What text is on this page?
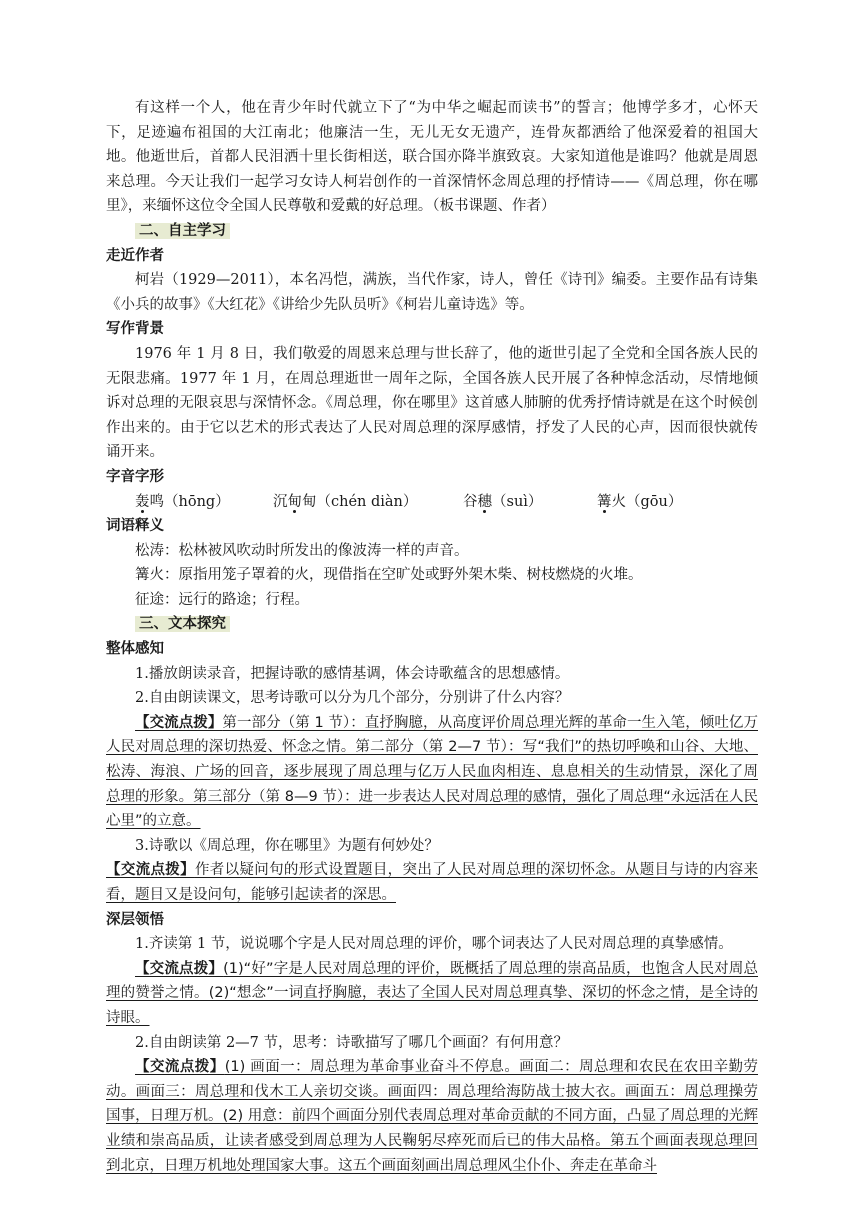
有这样一个人，他在青少年时代就立下了“为中华之崛起而读书”的誓言；他博学多才，心怀天下，足迹遍布祖国的大江南北；他廉洁一生，无儿无女无遗产，连骨灰都洒给了他深爱着的祖国大地。他逝世后，首都人民泪洒十里长街相送，联合国亦降半旗致哀。大家知道他是谁吗？他就是周恩来总理。今天让我们一起学习女诗人柯岩创作的一首深情怀念周总理的抒情诗——《周总理，你在哪里》，来缅怀这位令全国人民尊敬和爱戴的好总理。（板书课题、作者）

二、自主学习

走近作者

柯岩（1929—2011），本名冯恺，满族，当代作家，诗人，曾任《诗刊》编委。主要作品有诗集《小兵的故事》《大红花》《讲给少先队员听》《柯岩儿童诗选》等。

写作背景

1976 年 1 月 8 日，我们敬爱的周恩来总理与世长辞了，他的逝世引起了全党和全国各族人民的无限悲痛。1977 年 1 月，在周总理逝世一周年之际，全国各族人民开展了各种悼念活动，尽情地倾诉对总理的无限哀思与深情怀念。《周总理，你在哪里》这首感人肺腑的优秀抒情诗就是在这个时候创作出来的。由于它以艺术的形式表达了人民对周总理的深厚感情，抒发了人民的心声，因而很快就传诵开来。

字音字形

轰鸣（hōng）	沉甸甸（chén diàn）	谷穗（suì）	篝火（gōu）

词语释义

松涛：松林被风吹动时所发出的像波涛一样的声音。

篝火：原指用笼子罩着的火，现借指在空旷处或野外架木柴、树枝燃烧的火堆。

征途：远行的路途；行程。

三、文本探究

整体感知

1.播放朗读录音，把握诗歌的感情基调，体会诗歌蕴含的思想感情。

2.自由朗读课文，思考诗歌可以分为几个部分，分别讲了什么内容？

【交流点拨】第一部分（第 1 节）：直抒胸臆，从高度评价周总理光辉的革命一生入笔，倾吐亿万人民对周总理的深切热爱、怀念之情。第二部分（第 2—7 节）：写“我们”的热切呼唤和山谷、大地、松涛、海浪、广场的回音，逐步展现了周总理与亿万人民血肉相连、息息相关的生动情景，深化了周总理的形象。第三部分（第 8—9 节）：进一步表达人民对周总理的感情，强化了周总理“永远活在人民心里”的立意。

3.诗歌以《周总理，你在哪里》为题有何妙处？

【交流点拨】作者以疑问句的形式设置题目，突出了人民对周总理的深切怀念。从题目与诗的内容来看，题目又是设问句，能够引起读者的深思。

深层领悟

1.齐读第 1 节，说说哪个字是人民对周总理的评价，哪个词表达了人民对周总理的真挚感情。

【交流点拨】(1)“好”字是人民对周总理的评价，既概括了周总理的崇高品质，也饱含人民对周总理的赞誉之情。(2)“想念”一词直抒胸臆，表达了全国人民对周总理真挚、深切的怀念之情，是全诗的诗眼。

2.自由朗读第 2—7 节，思考：诗歌描写了哪几个画面？有何用意？

【交流点拨】(1) 画面一：周总理为革命事业奋斗不停息。画面二：周总理和农民在农田辛勤劳动。画面三：周总理和伐木工人亲切交谈。画面四：周总理给海防战士披大衣。画面五：周总理操劳国事，日理万机。(2) 用意：前四个画面分别代表周总理对革命贡献的不同方面，凸显了周总理的光辉业绩和崇高品质，让读者感受到周总理为人民鞠躬尽瘁死而后已的伟大品格。第五个画面表现总理回到北京，日理万机地处理国家大事。这五个画面刻画出周总理风尘仆仆、奔走在革命斗
